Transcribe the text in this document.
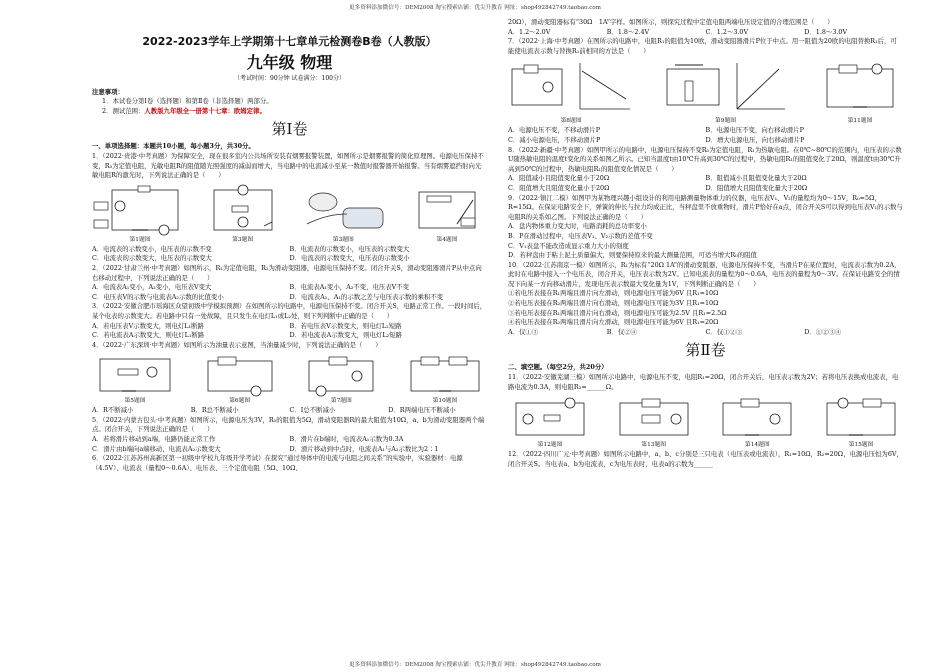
更多资料添加微信号：DEM2008 淘宝搜索店铺：优尖升教育 网址：shop492842749.taobao.com
2022-2023学年上学期第十七章单元检测卷B卷（人教版）
九年级 物理
（考试时间：90分钟 试卷满分：100分）

注意事项：

1．本试卷分第Ⅰ卷（选择题）和第Ⅱ卷（非选择题）两部分。

2．测试范围：人教版九年级全一册第十七章：欧姆定律。

第Ⅰ卷

一、单项选择题：本题共10小题，每小题3分，共30分。

1．（2022·贵港·中考真题）为保障安全，现在很多室内公共场所安装有烟雾报警装置，如图所示是烟雾报警的简化原理图。电源电压保持不变，R₀为定值电阻，光敏电阻R的阻值随光照强度的减弱而增大，当电路中的电流减小至某一数值时报警器开始报警。当有烟雾遮挡射向光敏电阻R的激光时，下列说法正确的是（　　）

第1题图	第3题图	第3题图	第4题图
A．电流表的示数变小，电压表的示数不变	B．电流表的示数变小，电压表的示数变大
C．电流表的示数变大，电压表的示数变大	D．电流表的示数变大，电压表的示数变小

2．（2022·甘肃兰州·中考真题）如图所示，R₁为定值电阻，R₂为滑动变阻器，电源电压保持不变。闭合开关S，滑动变阻器滑片P从中点向右移动过程中，下列说法正确的是（　　）

A．电流表A₁变小，A₂变小，电压表V变大	B．电流表A₁变小，A₂不变，电压表V不变
C．电压表V的示数与电流表A₂示数的比值变小	D．电流表A₂、A₁的示数之差与电压表示数的乘积不变

3．（2022·安徽合肥市瑶海区众望初级中学模拟预测）在如图所示的电路中，电源电压保持不变。闭合开关S，电路正常工作。一段时间后，某个电表的示数变大。若电路中只有一处故障，且只发生在电灯L₁或L₂处，则下列判断中正确的是（　　）

A．若电压表V示数变大，则电灯L₁断路	B．若电压表V示数变大，则电灯L₂短路
C．若电流表A示数变大，则电灯L₁断路	D．若电流表A示数变大，则电灯L₂短路

4．（2022·广东深圳·中考真题）如图所示为油量表示意图，当油量减少时，下列说法正确的是（　　）

第5题图	第6题图	第7题图	第10题图
A．R不断减小	B．R总不断减小	C．I总不断减小	D．R两端电压不断减小

5．（2022·内蒙古包头·中考真题）如图所示，电源电压为3V，R₀的阻值为5Ω，滑动变阻器R的最大阻值为10Ω，a、b为滑动变阻器两个端点。闭合开关，下列说法正确的是（　　）

A．若将滑片移动到a端，电路仍能正常工作	B．滑片在b端时，电流表A₁示数为0.3A
C．滑片由b端向a端移动，电流表A₂示数变大	D．滑片移动到中点时，电流表A₁与A₂示数比为2∶1

6．（2022·江苏苏州高新区第一初级中学校九年级开学考试）在探究“通过导体中的电流与电阻之间关系”的实验中，实验器材：电源（4.5V）、电流表（量程0～0.6A）、电压表、三个定值电阻（5Ω、10Ω、

20Ω），滑动变阻器标有“30Ω　1A”字样。如图所示，则探究过程中定值电阻两端电压设定值的合理范围是（　　）

A．1.2～2.0V	B．1.8～2.4V	C．1.2～3.0V	D．1.8～3.0V

7．（2022·上海·中考真题）在图所示的电路中，电阻R₁的阻值为10欧，滑动变阻器滑片P位于中点。用一阻值为20欧的电阻替换R₁后，可能使电流表示数与替换R₁前相同的方法是（　　）

第8题图	第9题图	第11题图
A．电源电压不变，不移动滑片P	B．电源电压不变，向右移动滑片P
C．减小电源电压，不移动滑片P	D．增大电源电压，向右移动滑片P

8．（2022·新疆·中考真题）如图甲所示的电路中，电源电压保持不变R₀为定值电阻，R₁为热敏电阻。在0℃~80℃的范围内，电压表的示数U随热敏电阻的温度t变化的关系如图乙所示。已知当温度t由10℃升高到30℃的过程中，热敏电阻R₁的阻值变化了20Ω，则温度t由30℃升高到50℃的过程中，热敏电阻R₁的阻值变化情况是（　　）

A．阻值减小且阻值变化量小于20Ω	B．阻值减小且阻值变化量大于20Ω
C．阻值增大且阻值变化量小于20Ω	D．阻值增大且阻值变化量大于20Ω

9．（2022·镇江二模）如图甲为某物理兴趣小组设计的利用电路测量物体重力的仪器，电压表V₁、V₂的量程均为0～15V，R₀=5Ω，R=15Ω。在保证电路安全下，弹簧的伸长与拉力均成正比，当秤盘里不放重物时，滑片P恰好在a点，闭合开关S可以得到电压表V₁的示数与电阻R的关系如乙图。下列说法正确的是（　　）

A．盘内物体重力变大时，电路消耗的总功率变小

B．P在滑动过程中，电压表V₁、V₂示数的差值不变

C．V₁表盘不能改造成显示重力大小的刻度

D．若秤盘由于粘上泥土质量偏大，则要保持原来的最大测量范围，可适当增大R₀的阻值

10．（2022·江苏南京一模）如图所示，R₁为标有“20Ω 1A”的滑动变阻器，电源电压保持不变，当滑片P在某位置时，电流表示数为0.2A，此时在电路中接入一个电压表，闭合开关，电压表示数为2V。已知电流表的量程为0～0.6A，电压表的量程为0～3V。在保证电路安全的情况下向某一方向移动滑片，发现电压表示数最大变化量为1V，下列判断正确的是（　　）

①若电压表接在R₁两端且滑片向左滑动，则电源电压可能为6V 且R₁=10Ω

②若电压表接在R₂两端且滑片向右滑动，则电源电压可能为3V 且R₁=10Ω

③若电压表接在R₁两端且滑片向右滑动，则电源电压可能为2.5V 且R₁=2.5Ω

④若电压表接在R₂两端且滑片向左滑动，则电源电压可能为6V 且R₁=20Ω

A．仅①③	B．仅②④	C．仅①②③	D．①②③④
第Ⅱ卷

二、填空题。（每空2分，共20分）

11．（2022·安徽芜湖三模）如图所示电路中，电源电压不变，电阻R₁=20Ω，闭合开关后，电压表示数为2V；若将电压表换成电流表，电路电流为0.3A，则电阻R₂=______Ω。

第12题图	第13题图	第14题图	第15题图

12．（2022·四川广元·中考真题）如图所示电路中，a、b、c分别是三只电表（电压表或电流表），R₁=10Ω，R₂=20Ω，电源电压恒为6V，闭合开关S。当电表a、b为电流表，c为电压表时，电表a的示数为______

更多资料添加微信号：DEM2008 淘宝搜索店铺：优尖升教育 网址：shop492842749.taobao.com
